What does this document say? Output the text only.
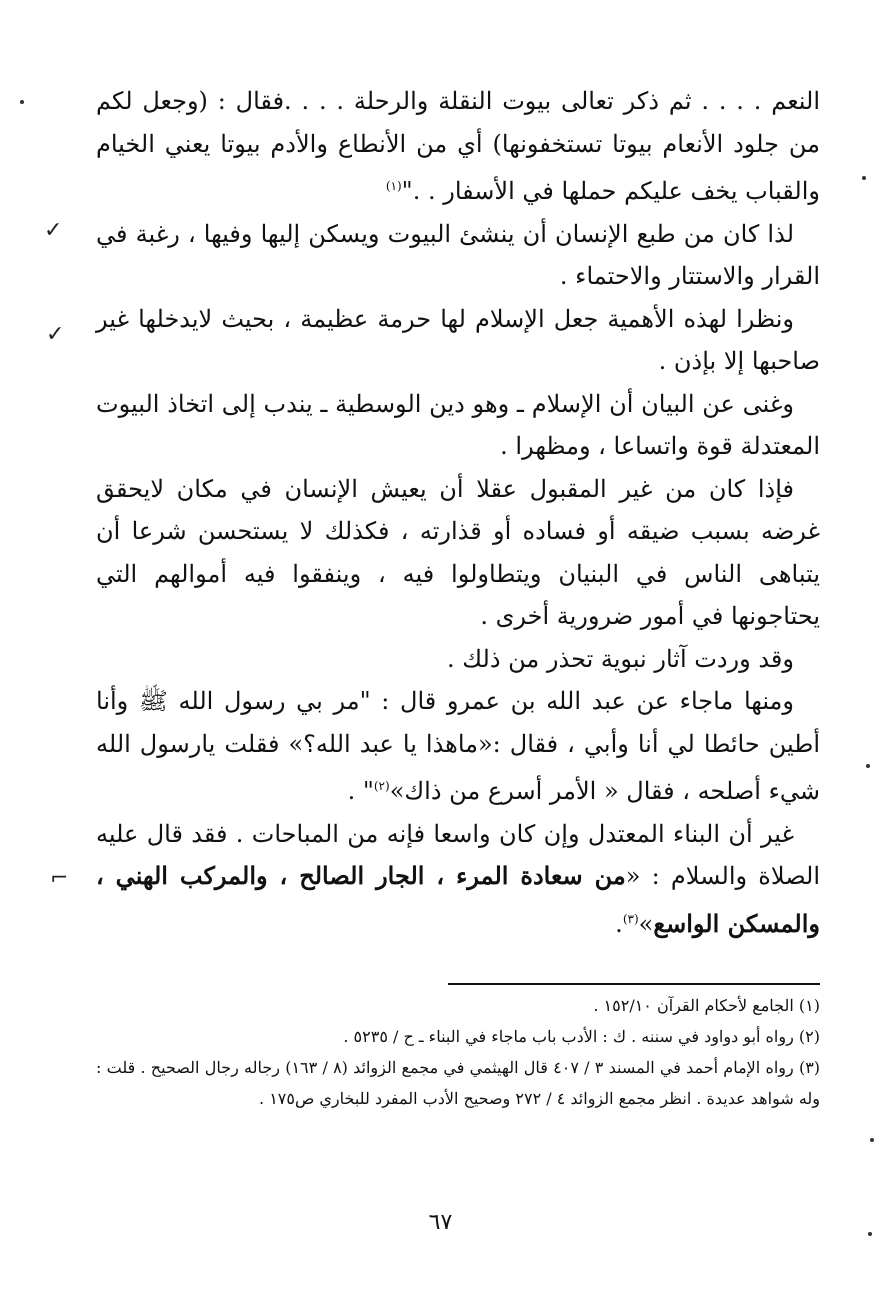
✓
✓
⌐

النعم . . . . ثم ذكر تعالى بيوت النقلة والرحلة . . . .فقال : (وجعل لكم من جلود الأنعام بيوتا تستخفونها) أي من الأنطاع والأدم بيوتا يعني الخيام والقباب يخف عليكم حملها في الأسفار . ."$^{(١)}$

لذا كان من طبع الإنسان أن ينشئ البيوت ويسكن إليها وفيها ، رغبة في القرار والاستتار والاحتماء .

ونظرا لهذه الأهمية جعل الإسلام لها حرمة عظيمة ، بحيث لايدخلها غير صاحبها إلا بإذن .

وغنى عن البيان أن الإسلام ـ وهو دين الوسطية ـ يندب إلى اتخاذ البيوت المعتدلة قوة واتساعا ، ومظهرا .

فإذا كان من غير المقبول عقلا أن يعيش الإنسان في مكان لايحقق غرضه بسبب ضيقه أو فساده أو قذارته ، فكذلك لا يستحسن شرعا أن يتباهى الناس في البنيان ويتطاولوا فيه ، وينفقوا فيه أموالهم التي يحتاجونها في أمور ضرورية أخرى .

وقد وردت آثار نبوية تحذر من ذلك .

ومنها ماجاء عن عبد الله بن عمرو قال : "مر بي رسول الله ﷺ وأنا أطين حائطا لي أنا وأبي ، فقال :«ماهذا يا عبد الله؟» فقلت يارسول الله شيء أصلحه ، فقال « الأمر أسرع من ذاك»$^{(٢)}$" .

غير أن البناء المعتدل وإن كان واسعا فإنه من المباحات . فقد قال عليه الصلاة والسلام : «من سعادة المرء ، الجار الصالح ، والمركب الهني ، والمسكن الواسع»$^{(٣)}$.

(١) الجامع لأحكام القرآن ١٥٢/١٠ .

(٢) رواه أبو دواود في سننه . ك : الأدب باب ماجاء في البناء ـ ح / ٥٢٣٥ .

(٣) رواه الإمام أحمد في المسند ٣ / ٤٠٧ قال الهيثمي في مجمع الزوائد (٨ / ١٦٣) رجاله رجال الصحيح . قلت : وله شواهد عديدة . انظر مجمع الزوائد ٤ / ٢٧٢ وصحيح الأدب المفرد للبخاري ص١٧٥ .

٦٧
